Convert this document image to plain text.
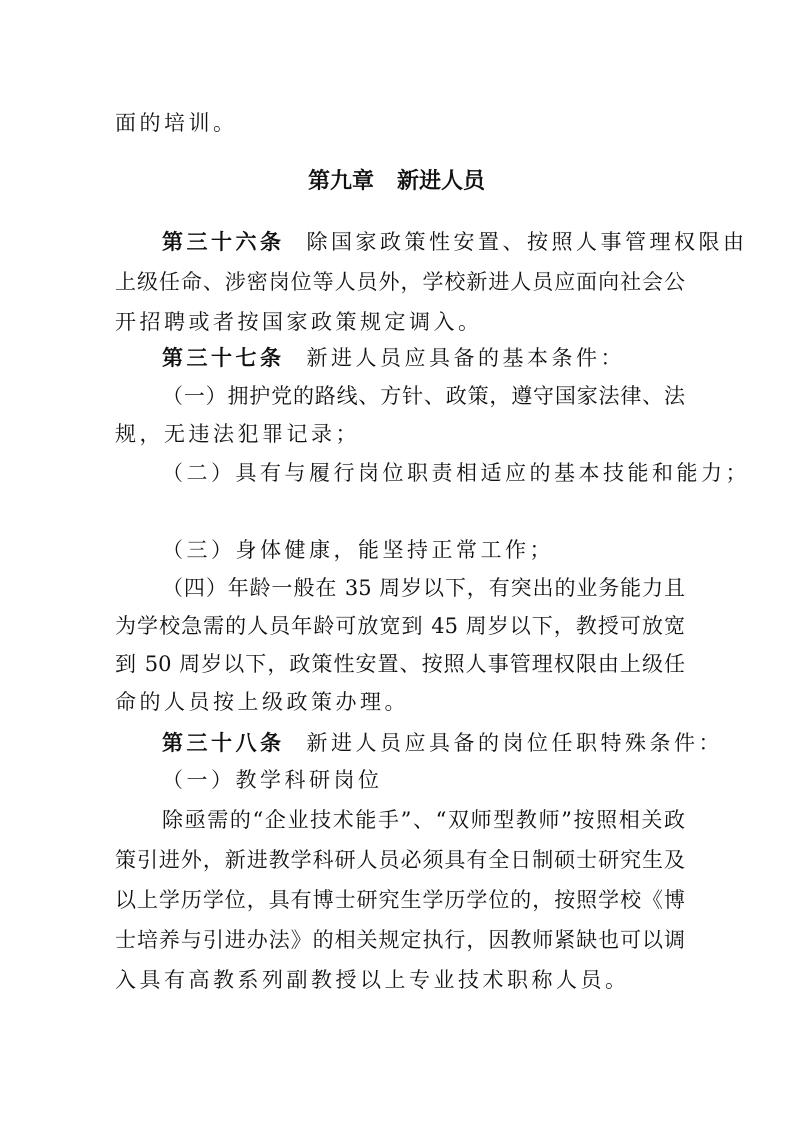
面的培训。
第九章   新进人员
第三十六条 除国家政策性安置、按照人事管理权限由
上级任命、涉密岗位等人员外，学校新进人员应面向社会公
开招聘或者按国家政策规定调入。
第三十七条 新进人员应具备的基本条件：
（一）拥护党的路线、方针、政策，遵守国家法律、法
规，无违法犯罪记录；
（二）具有与履行岗位职责相适应的基本技能和能力；
（三）身体健康，能坚持正常工作；
（四）年龄一般在 35 周岁以下，有突出的业务能力且
为学校急需的人员年龄可放宽到 45 周岁以下，教授可放宽
到 50 周岁以下，政策性安置、按照人事管理权限由上级任
命的人员按上级政策办理。
第三十八条 新进人员应具备的岗位任职特殊条件：
（一）教学科研岗位
除亟需的“企业技术能手”、“双师型教师”按照相关政
策引进外，新进教学科研人员必须具有全日制硕士研究生及
以上学历学位，具有博士研究生学历学位的，按照学校《博
士培养与引进办法》的相关规定执行，因教师紧缺也可以调
入具有高教系列副教授以上专业技术职称人员。
